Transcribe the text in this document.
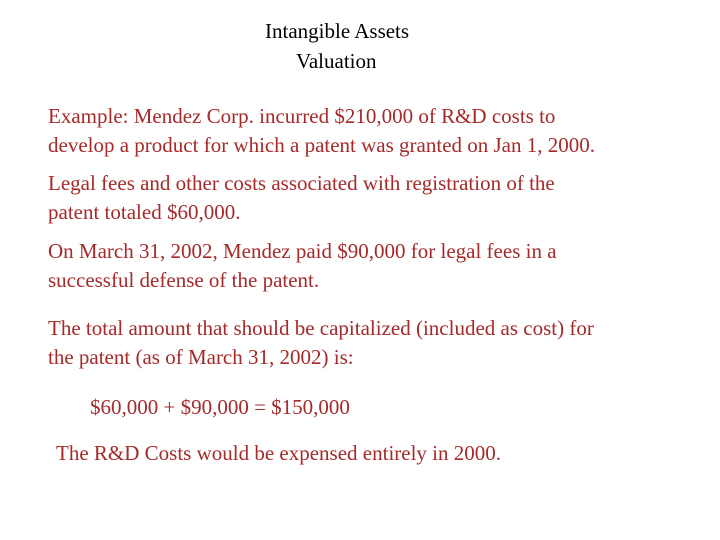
Intangible Assets
Valuation
Example: Mendez Corp. incurred $210,000 of R&D costs to
develop a product for which a patent was granted on Jan 1, 2000.
Legal fees and other costs associated with registration of the
patent totaled $60,000.
On March 31, 2002, Mendez paid $90,000 for legal fees in a
successful defense of the patent.
The total amount that should be capitalized (included as cost) for
the patent (as of March 31, 2002) is:
$60,000 + $90,000 = $150,000
The R&D Costs would be expensed entirely in 2000.
